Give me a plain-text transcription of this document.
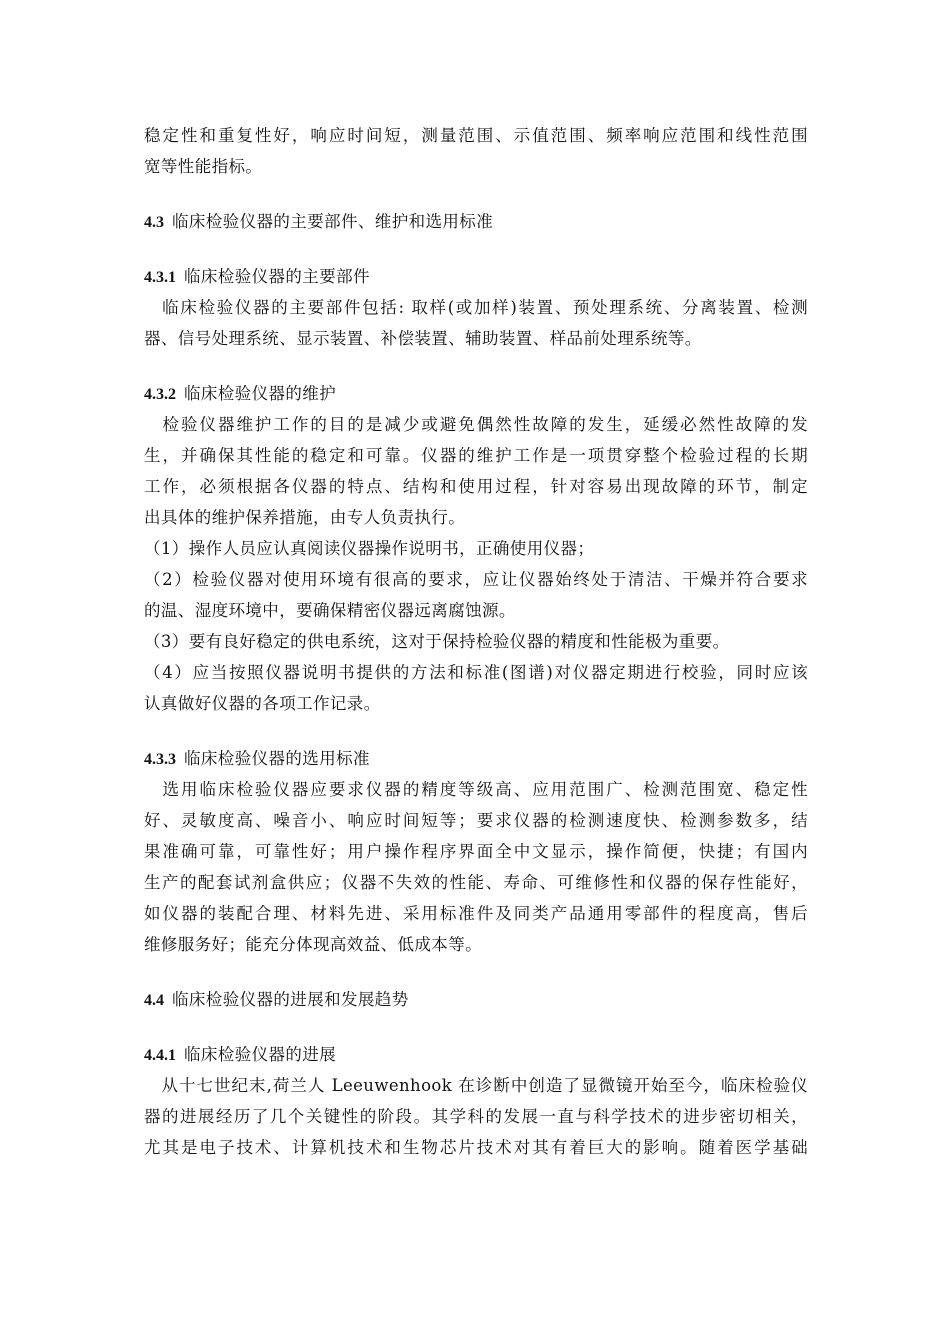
稳定性和重复性好，响应时间短，测量范围、示值范围、频率响应范围和线性范围
宽等性能指标。
4.3 临床检验仪器的主要部件、维护和选用标准
4.3.1 临床检验仪器的主要部件
　临床检验仪器的主要部件包括: 取样(或加样)装置、预处理系统、分离装置、检测
器、信号处理系统、显示装置、补偿装置、辅助装置、样品前处理系统等。
4.3.2 临床检验仪器的维护
　检验仪器维护工作的目的是减少或避免偶然性故障的发生，延缓必然性故障的发
生，并确保其性能的稳定和可靠。仪器的维护工作是一项贯穿整个检验过程的长期
工作，必须根据各仪器的特点、结构和使用过程，针对容易出现故障的环节，制定
出具体的维护保养措施，由专人负责执行。
（1）操作人员应认真阅读仪器操作说明书，正确使用仪器；
（2）检验仪器对使用环境有很高的要求，应让仪器始终处于清洁、干燥并符合要求
的温、湿度环境中，要确保精密仪器远离腐蚀源。
（3）要有良好稳定的供电系统，这对于保持检验仪器的精度和性能极为重要。
（4）应当按照仪器说明书提供的方法和标准(图谱)对仪器定期进行校验，同时应该
认真做好仪器的各项工作记录。
4.3.3 临床检验仪器的选用标准
　选用临床检验仪器应要求仪器的精度等级高、应用范围广、检测范围宽、稳定性
好、灵敏度高、噪音小、响应时间短等；要求仪器的检测速度快、检测参数多，结
果准确可靠，可靠性好；用户操作程序界面全中文显示，操作简便，快捷；有国内
生产的配套试剂盒供应；仪器不失效的性能、寿命、可维修性和仪器的保存性能好，
如仪器的装配合理、材料先进、采用标准件及同类产品通用零部件的程度高，售后
维修服务好；能充分体现高效益、低成本等。
4.4 临床检验仪器的进展和发展趋势
4.4.1 临床检验仪器的进展
　从十七世纪末,荷兰人 Leeuwenhook 在诊断中创造了显微镜开始至今，临床检验仪
器的进展经历了几个关键性的阶段。其学科的发展一直与科学技术的进步密切相关，
尤其是电子技术、计算机技术和生物芯片技术对其有着巨大的影响。随着医学基础
